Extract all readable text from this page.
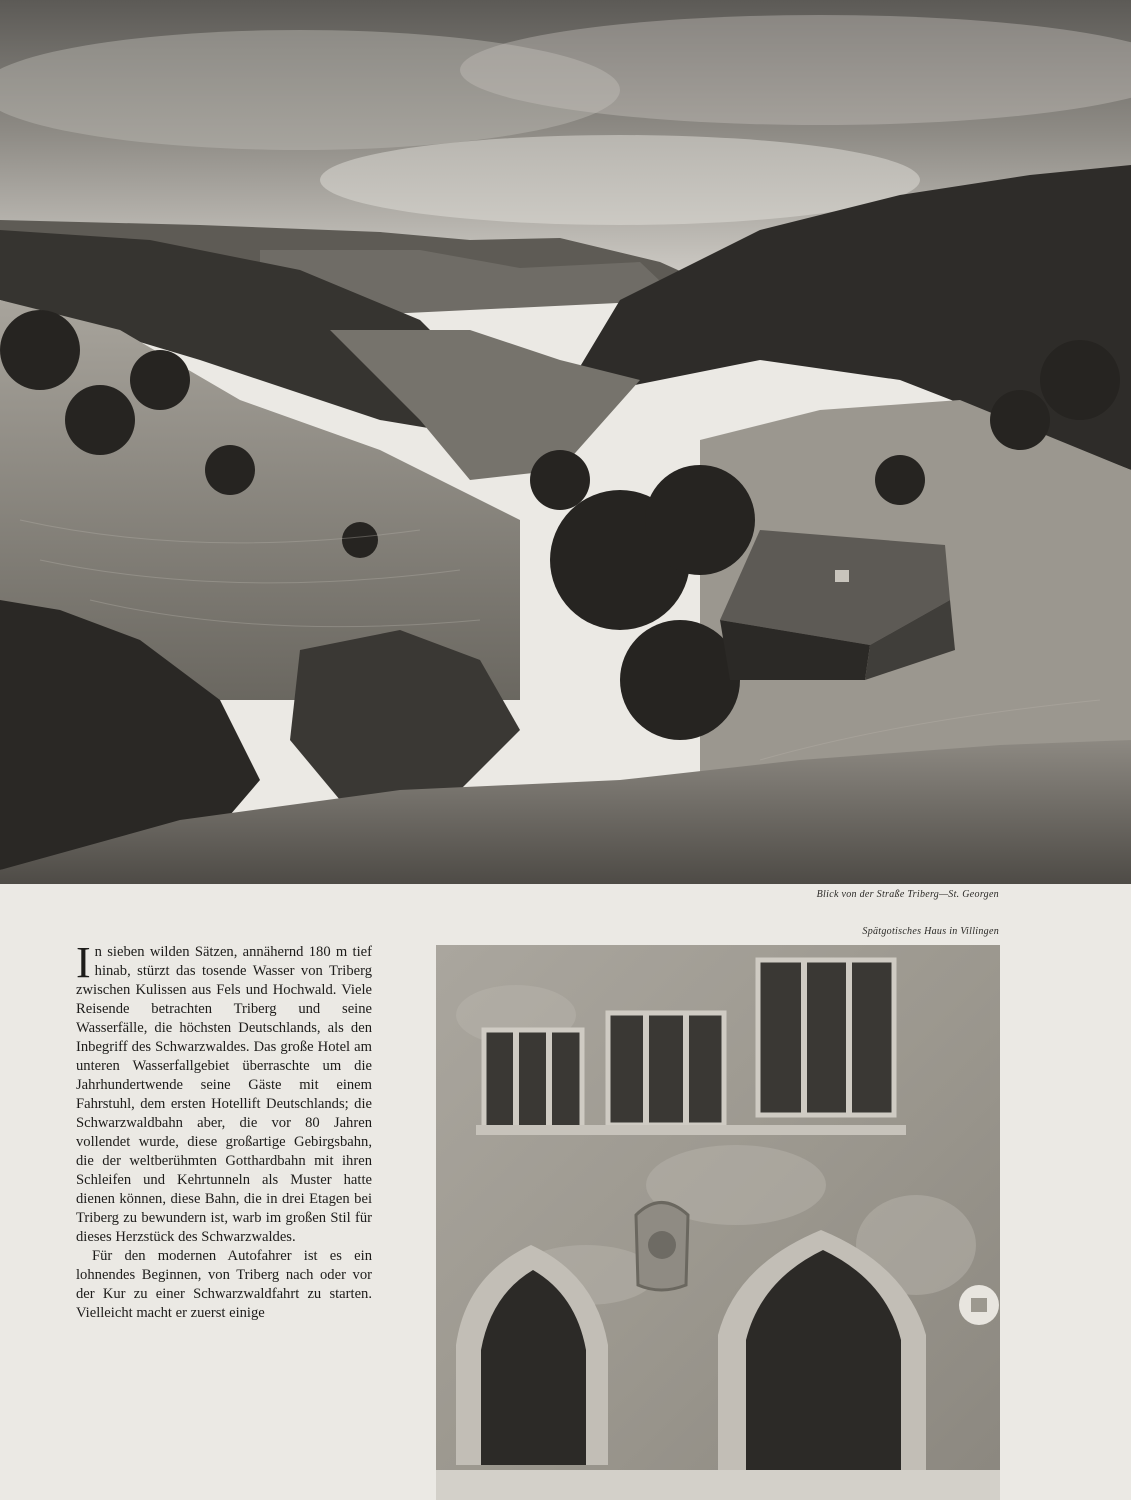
Blick von der Straße Triberg—St. Georgen
Spätgotisches Haus in Villingen

In sieben wilden Sätzen, annähernd 180 m tief hinab, stürzt das tosende Wasser von Triberg zwischen Kulissen aus Fels und Hochwald. Viele Reisende betrachten Triberg und seine Wasserfälle, die höchsten Deutschlands, als den Inbegriff des Schwarzwaldes. Das große Hotel am unteren Wasserfallgebiet überraschte um die Jahrhundertwende seine Gäste mit einem Fahrstuhl, dem ersten Hotellift Deutschlands; die Schwarzwaldbahn aber, die vor 80 Jahren vollendet wurde, diese großartige Gebirgsbahn, die der weltberühmten Gotthardbahn mit ihren Schleifen und Kehrtunneln als Muster hatte dienen können, diese Bahn, die in drei Etagen bei Triberg zu bewundern ist, warb im großen Stil für dieses Herzstück des Schwarzwaldes.

Für den modernen Autofahrer ist es ein lohnendes Beginnen, von Triberg nach oder vor der Kur zu einer Schwarzwaldfahrt zu starten. Vielleicht macht er zuerst einige
